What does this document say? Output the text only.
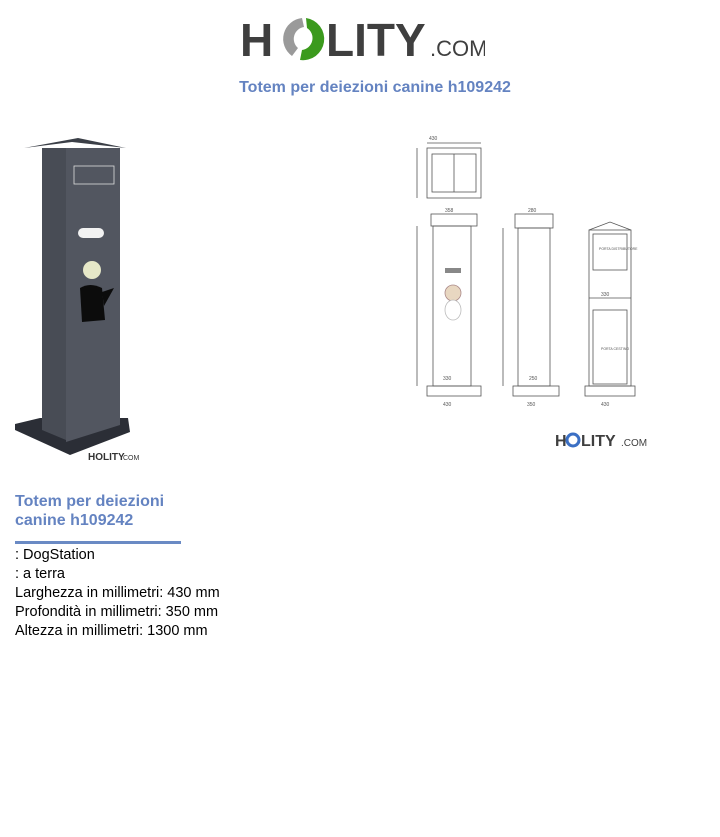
H LITY .COM
Totem per deiezioni canine h109242
HOLITY
COM
430
358	280
330	250
430	350
330
430
PORTA DISTRIBUTORE
PORTA CESTINO
H LITY .COM
Totem per deiezioni canine h109242
: DogStation
: a terra
Larghezza in millimetri: 430 mm
Profondità in millimetri: 350 mm
Altezza in millimetri: 1300 mm
